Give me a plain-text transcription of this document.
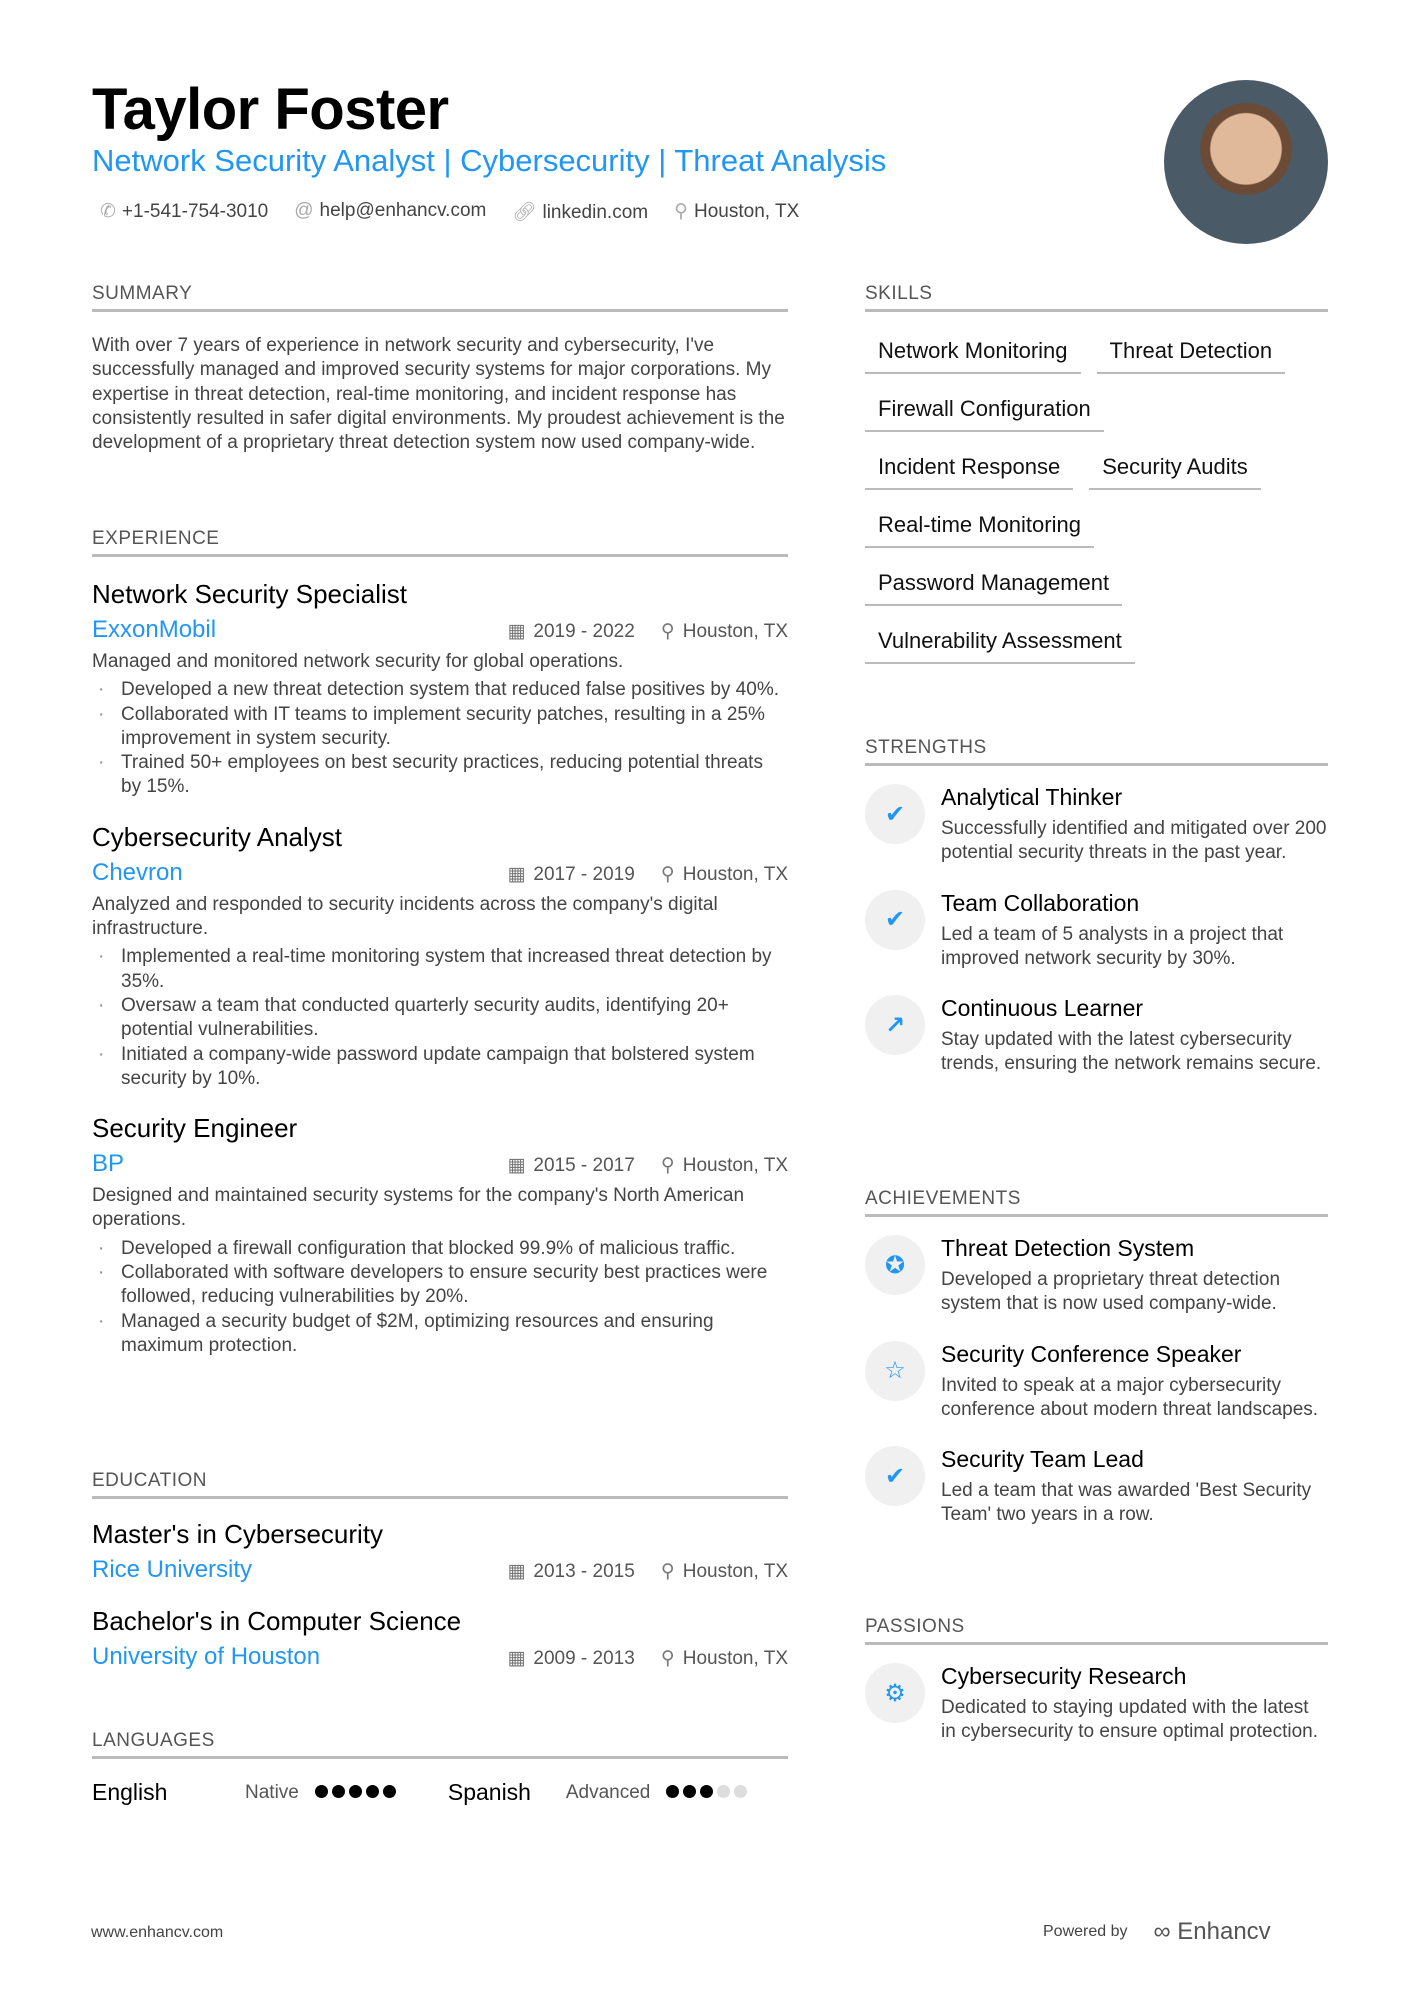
Taylor Foster
Network Security Analyst | Cybersecurity | Threat Analysis
✆ +1-541-754-3010 @ help@enhancv.com 🔗︎ linkedin.com ⚲ Houston, TX
SUMMARY

With over 7 years of experience in network security and cybersecurity, I've successfully managed and improved security systems for major corporations. My expertise in threat detection, real-time monitoring, and incident response has consistently resulted in safer digital environments. My proudest achievement is the development of a proprietary threat detection system now used company-wide.

EXPERIENCE
Network Security Specialist
ExxonMobil	▦ 2019 - 2022 ⚲ Houston, TX
Managed and monitored network security for global operations.
· Developed a new threat detection system that reduced false positives by 40%.
· Collaborated with IT teams to implement security patches, resulting in a 25% improvement in system security.
· Trained 50+ employees on best security practices, reducing potential threats by 15%.
Cybersecurity Analyst
Chevron	▦ 2017 - 2019 ⚲ Houston, TX
Analyzed and responded to security incidents across the company's digital infrastructure.
· Implemented a real-time monitoring system that increased threat detection by 35%.
· Oversaw a team that conducted quarterly security audits, identifying 20+ potential vulnerabilities.
· Initiated a company-wide password update campaign that bolstered system security by 10%.
Security Engineer
BP	▦ 2015 - 2017 ⚲ Houston, TX
Designed and maintained security systems for the company's North American operations.
· Developed a firewall configuration that blocked 99.9% of malicious traffic.
· Collaborated with software developers to ensure security best practices were followed, reducing vulnerabilities by 20%.
· Managed a security budget of $2M, optimizing resources and ensuring maximum protection.
EDUCATION
Master's in Cybersecurity
Rice University	▦ 2013 - 2015 ⚲ Houston, TX
Bachelor's in Computer Science
University of Houston	▦ 2009 - 2013 ⚲ Houston, TX
LANGUAGES
English	Native	Spanish	Advanced
SKILLS
Network Monitoring	Threat Detection
Firewall Configuration
Incident Response	Security Audits
Real-time Monitoring
Password Management
Vulnerability Assessment
STRENGTHS
✔
Analytical Thinker
Successfully identified and mitigated over 200 potential security threats in the past year.
✔
Team Collaboration
Led a team of 5 analysts in a project that improved network security by 30%.
↗
Continuous Learner
Stay updated with the latest cybersecurity trends, ensuring the network remains secure.
ACHIEVEMENTS
✪
Threat Detection System
Developed a proprietary threat detection system that is now used company-wide.
☆
Security Conference Speaker
Invited to speak at a major cybersecurity conference about modern threat landscapes.
✔
Security Team Lead
Led a team that was awarded 'Best Security Team' two years in a row.
PASSIONS
⚙
Cybersecurity Research
Dedicated to staying updated with the latest in cybersecurity to ensure optimal protection.
www.enhancv.com	Powered by ∞ Enhancv
